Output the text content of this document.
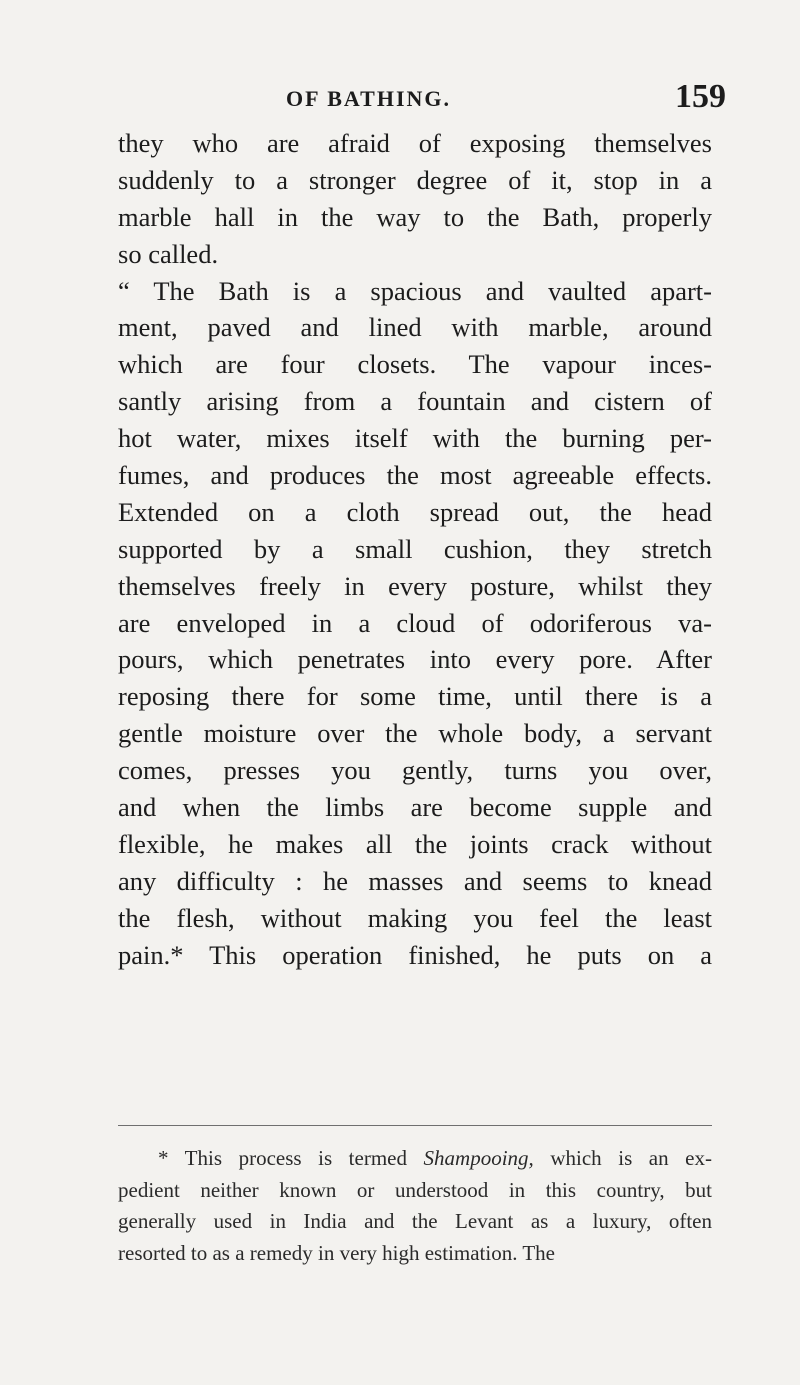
OF BATHING.	159
they who are afraid of exposing themselves
suddenly to a stronger degree of it, stop in a
marble hall in the way to the Bath, properly
so called.
“ The Bath is a spacious and vaulted apart-
ment, paved and lined with marble, around
which are four closets. The vapour inces-
santly arising from a fountain and cistern of
hot water, mixes itself with the burning per-
fumes, and produces the most agreeable effects.
Extended on a cloth spread out, the head
supported by a small cushion, they stretch
themselves freely in every posture, whilst they
are enveloped in a cloud of odoriferous va-
pours, which penetrates into every pore. After
reposing there for some time, until there is a
gentle moisture over the whole body, a servant
comes, presses you gently, turns you over,
and when the limbs are become supple and
flexible, he makes all the joints crack without
any difficulty : he masses and seems to knead
the flesh, without making you feel the least
pain.* This operation finished, he puts on a
* This process is termed Shampooing, which is an ex-
pedient neither known or understood in this country, but
generally used in India and the Levant as a luxury, often
resorted to as a remedy in very high estimation. The
